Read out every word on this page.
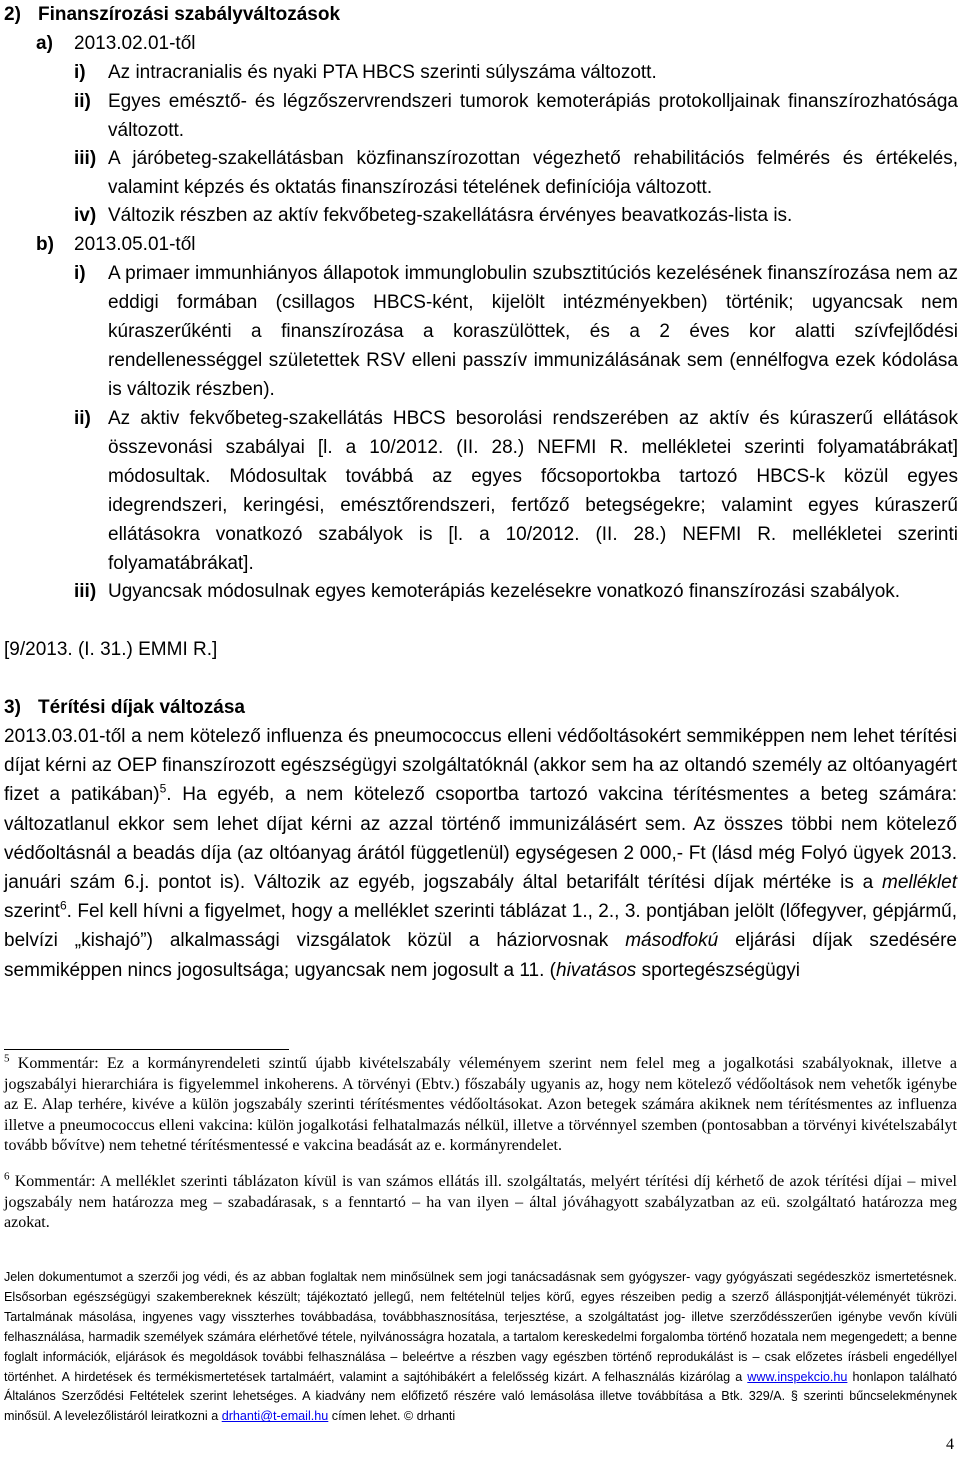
2) Finanszírozási szabályváltozások
a) 2013.02.01-től
i)	Az intracranialis és nyaki PTA HBCS szerinti súlyszáma változott.
ii) Egyes emésztő- és légzőszervrendszeri tumorok kemoterápiás protokolljainak finanszírozhatósága változott.
iii) A járóbeteg-szakellátásban közfinanszírozottan végezhető rehabilitációs felmérés és értékelés, valamint képzés és oktatás finanszírozási tételének definíciója változott.
iv) Változik részben az aktív fekvőbeteg-szakellátásra érvényes beavatkozás-lista is.
b) 2013.05.01-től
i)	A primaer immunhiányos állapotok immunglobulin szubsztitúciós kezelésének finanszírozása nem az eddigi formában (csillagos HBCS-ként, kijelölt intézményekben) történik; ugyancsak nem kúraszerűkénti a finanszírozása a koraszülöttek, és a 2 éves kor alatti szívfejlődési rendellenességgel születettek RSV elleni passzív immunizálásának sem (ennélfogva ezek kódolása is változik részben).
ii) Az aktiv fekvőbeteg-szakellátás HBCS besorolási rendszerében az aktív és kúraszerű ellátások összevonási szabályai [l. a 10/2012. (II. 28.) NEFMI R. mellékletei szerinti folyamatábrákat] módosultak. Módosultak továbbá az egyes főcsoportokba tartozó HBCS-k közül egyes idegrendszeri, keringési, emésztőrendszeri, fertőző betegségekre; valamint egyes kúraszerű ellátásokra vonatkozó szabályok is [l. a 10/2012. (II. 28.) NEFMI R. mellékletei szerinti folyamatábrákat].
iii) Ugyancsak módosulnak egyes kemoterápiás kezelésekre vonatkozó finanszírozási szabályok.
[9/2013. (I. 31.) EMMI R.]
3) Térítési díjak változása
2013.03.01-től a nem kötelező influenza és pneumococcus elleni védőoltásokért semmiképpen nem lehet térítési díjat kérni az OEP finanszírozott egészségügyi szolgáltatóknál (akkor sem ha az oltandó személy az oltóanyagért fizet a patikában)$^5$. Ha egyéb, a nem kötelező csoportba tartozó vakcina térítésmentes a beteg számára: változatlanul ekkor sem lehet díjat kérni az azzal történő immunizálásért sem. Az összes többi nem kötelező védőoltásnál a beadás díja (az oltóanyag árától függetlenül) egységesen 2 000,- Ft (lásd még Folyó ügyek 2013. januári szám 6.j. pontot is). Változik az egyéb, jogszabály által betarifált térítési díjak mértéke is a melléklet szerint$^6$. Fel kell hívni a figyelmet, hogy a melléklet szerinti táblázat 1., 2., 3. pontjában jelölt (lőfegyver, gépjármű, belvízi „kishajó”) alkalmassági vizsgálatok közül a háziorvosnak másodfokú eljárási díjak szedésére semmiképpen nincs jogosultsága; ugyancsak nem jogosult a 11. (hivatásos sportegészségügyi
$^5$ Kommentár: Ez a kormányrendeleti szintű újabb kivételszabály véleményem szerint nem felel meg a jogalkotási szabályoknak, illetve a jogszabályi hierarchiára is figyelemmel inkoherens. A törvényi (Ebtv.) főszabály ugyanis az, hogy nem kötelező védőoltások nem vehetők igénybe az E. Alap terhére, kivéve a külön jogszabály szerinti térítésmentes védőoltásokat. Azon betegek számára akiknek nem térítésmentes az influenza illetve a pneumococcus elleni vakcina: külön jogalkotási felhatalmazás nélkül, illetve a törvénnyel szemben (pontosabban a törvényi kivételszabályt tovább bővítve) nem tehetné térítésmentessé e vakcina beadását az e. kormányrendelet.
$^6$ Kommentár: A melléklet szerinti táblázaton kívül is van számos ellátás ill. szolgáltatás, melyért térítési díj kérhető de azok térítési díjai – mivel jogszabály nem határozza meg – szabadárasak, s a fenntartó – ha van ilyen – által jóváhagyott szabályzatban az eü. szolgáltató határozza meg azokat.
Jelen dokumentumot a szerzői jog védi, és az abban foglaltak nem minősülnek sem jogi tanácsadásnak sem gyógyszer- vagy gyógyászati segédeszköz ismertetésnek. Elsősorban egészségügyi szakembereknek készült; tájékoztató jellegű, nem feltételnül teljes körű, egyes részeiben pedig a szerző állásponjtját-véleményét tükrözi. Tartalmának másolása, ingyenes vagy visszterhes továbbadása, továbbhasznosítása, terjesztése, a szolgáltatást jog- illetve szerződésszerűen igénybe vevőn kívüli felhasználása, harmadik személyek számára elérhetővé tétele, nyilvánosságra hozatala, a tartalom kereskedelmi forgalomba történő hozatala nem megengedett; a benne foglalt információk, eljárások és megoldások további felhasználása – beleértve a részben vagy egészben történő reprodukálást is – csak előzetes írásbeli engedéllyel történhet. A hirdetések és termékismertetések tartalmáért, valamint a sajtóhibákért a felelősség kizárt. A felhasználás kizárólag a www.inspekcio.hu honlapon található Általános Szerződési Feltételek szerint lehetséges. A kiadvány nem előfizető részére való lemásolása illetve továbbítása a Btk. 329/A. § szerinti bűncselekménynek minősül. A levelezőlistáról leiratkozni a drhanti@t-email.hu címen lehet. © drhanti
4
